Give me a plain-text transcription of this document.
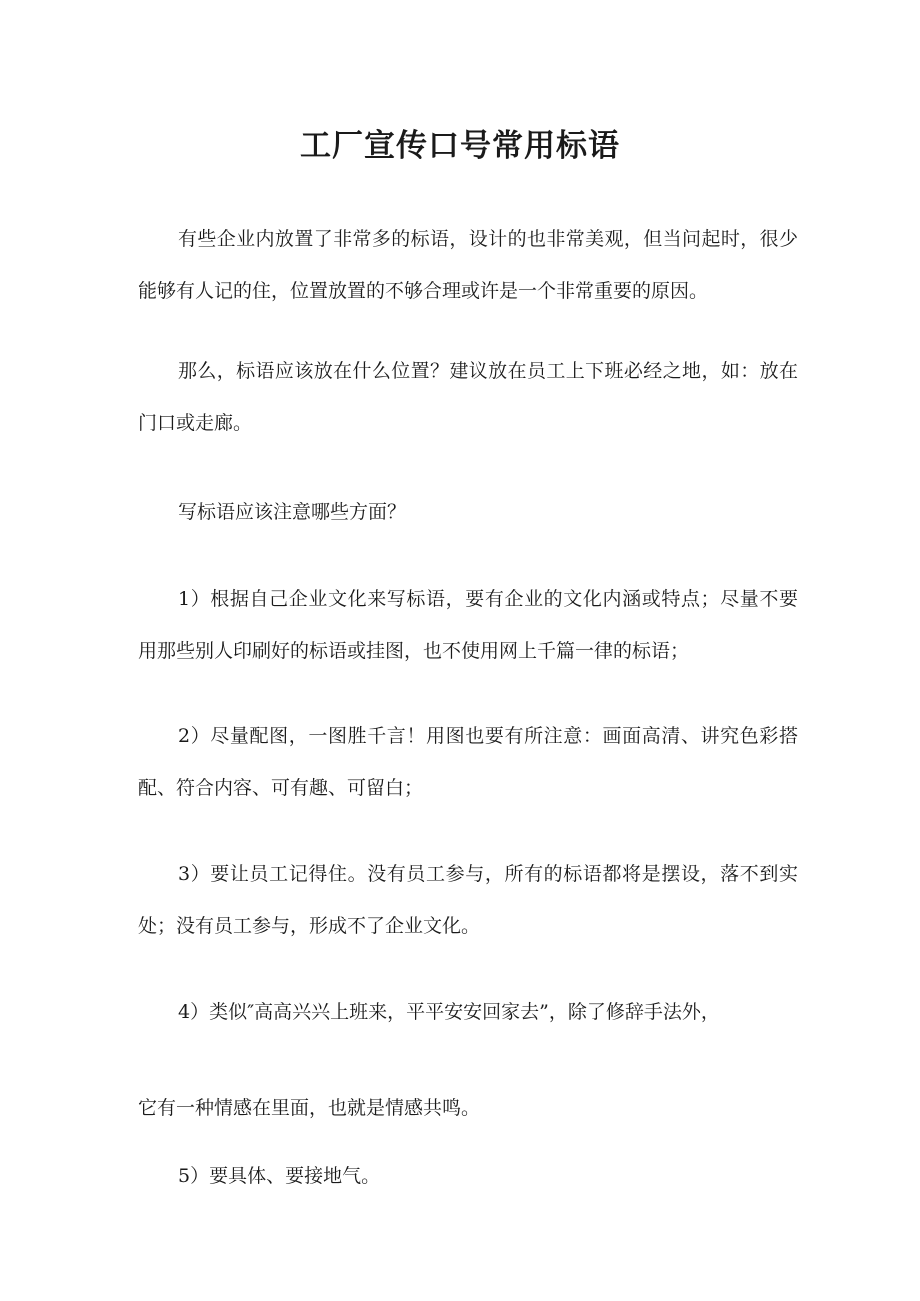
工厂宣传口号常用标语

有些企业内放置了非常多的标语，设计的也非常美观，但当问起时，很少能够有人记的住，位置放置的不够合理或许是一个非常重要的原因。

那么，标语应该放在什么位置？建议放在员工上下班必经之地，如：放在门口或走廊。

写标语应该注意哪些方面？

1）根据自己企业文化来写标语，要有企业的文化内涵或特点；尽量不要用那些别人印刷好的标语或挂图，也不使用网上千篇一律的标语；

2）尽量配图，一图胜千言！用图也要有所注意：画面高清、讲究色彩搭配、符合内容、可有趣、可留白；

3）要让员工记得住。没有员工参与，所有的标语都将是摆设，落不到实处；没有员工参与，形成不了企业文化。

4）类似″高高兴兴上班来，平平安安回家去”，除了修辞手法外，

它有一种情感在里面，也就是情感共鸣。

5）要具体、要接地气。
